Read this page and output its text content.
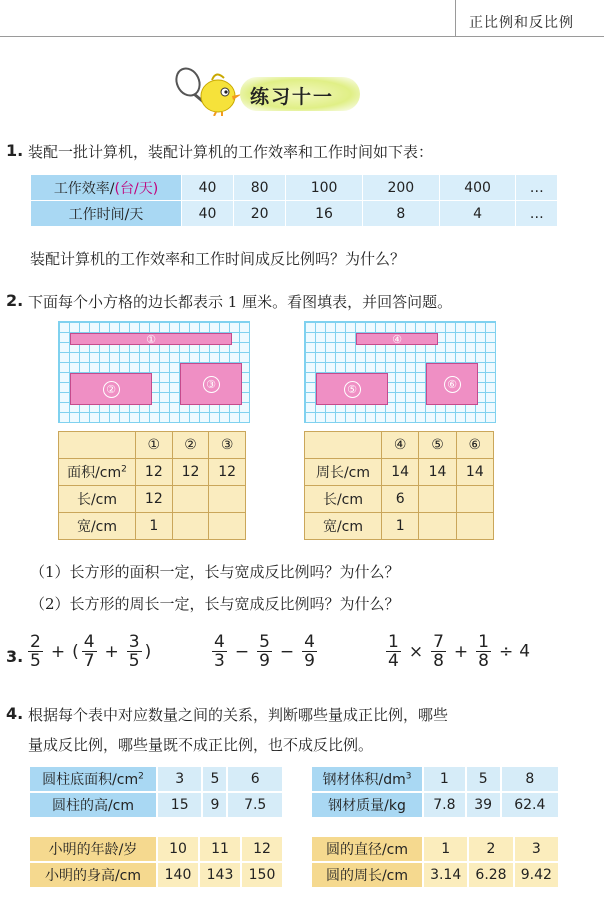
正比例和反比例
练习十一
1. 装配一批计算机，装配计算机的工作效率和工作时间如下表：
工作效率/(台/天)	40	80	100	200	400	…
工作时间/天	40	20	16	8	4	…
装配计算机的工作效率和工作时间成反比例吗？为什么？
2. 下面每个小方格的边长都表示 1 厘米。看图填表，并回答问题。
①
②	③
④
⑤	⑥
	①	②	③
面积$/cm^2$	12	12	12
长/cm	12		
宽/cm	1		
	④	⑤	⑥
周长/cm	14	14	14
长/cm	6		
宽/cm	1		
（1）长方形的面积一定，长与宽成反比例吗？为什么？
（2）长方形的周长一定，长与宽成反比例吗？为什么？
3. $\frac{2}{5}$ + ( $\frac{4}{7} + \frac{3}{5}$ )	$\frac{4}{3} - \frac{5}{9} - \frac{4}{9}$	$\frac{1}{4} \times \frac{7}{8} + \frac{1}{8} \div 4$
4. 根据每个表中对应数量之间的关系，判断哪些量成正比例，哪些
量成反比例，哪些量既不成正比例，也不成反比例。
圆柱底面积$/cm^2$	3	5	6
圆柱的高/cm	15	9	7.5
钢材体积$/dm^3$	1	5	8
钢材质量/kg	7.8	39	62.4
小明的年龄/岁	10	11	12
小明的身高/cm	140	143	150
圆的直径/cm	1	2	3
圆的周长/cm	3.14	6.28	9.42
